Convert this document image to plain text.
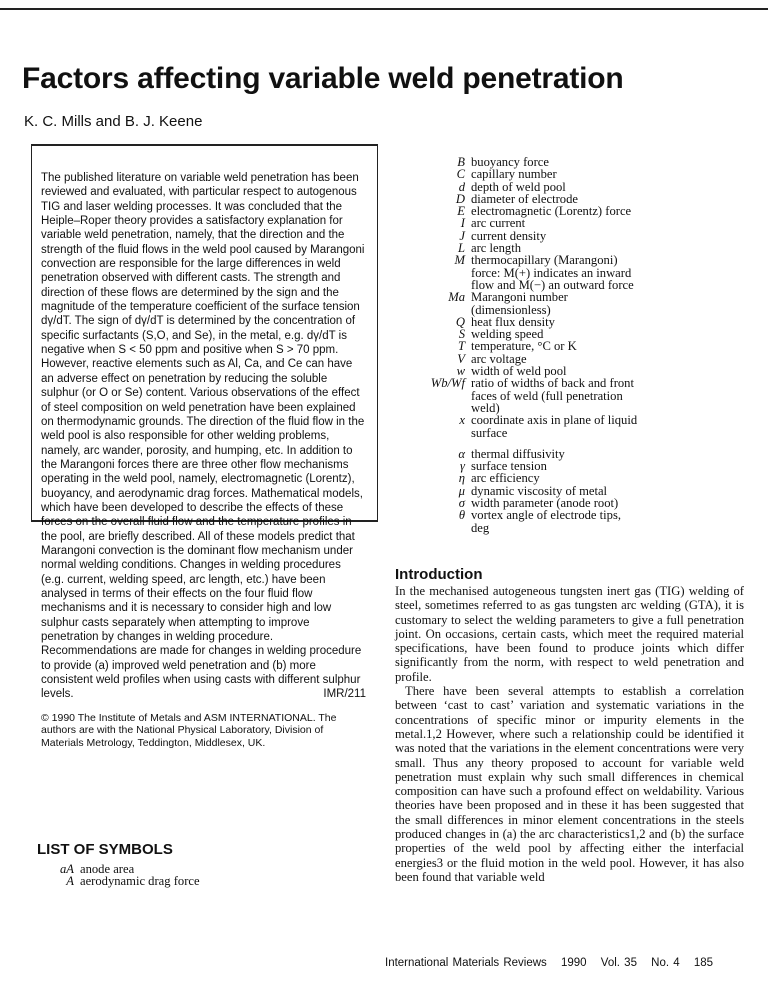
Factors affecting variable weld penetration
K. C. Mills and B. J. Keene

The published literature on variable weld penetration has been reviewed and evaluated, with particular respect to autogenous TIG and laser welding processes. It was concluded that the Heiple–Roper theory provides a satisfactory explanation for variable weld penetration, namely, that the direction and the strength of the fluid flows in the weld pool caused by Marangoni convection are responsible for the large differences in weld penetration observed with different casts. The strength and direction of these flows are determined by the sign and the magnitude of the temperature coefficient of the surface tension dγ/dT. The sign of dγ/dT is determined by the concentration of specific surfactants (S,O, and Se), in the metal, e.g. dγ/dT is negative when S < 50 ppm and positive when S > 70 ppm. However, reactive elements such as Al, Ca, and Ce can have an adverse effect on penetration by reducing the soluble sulphur (or O or Se) content. Various observations of the effect of steel composition on weld penetration have been explained on thermodynamic grounds. The direction of the fluid flow in the weld pool is also responsible for other welding problems, namely, arc wander, porosity, and humping, etc. In addition to the Marangoni forces there are three other flow mechanisms operating in the weld pool, namely, electromagnetic (Lorentz), buoyancy, and aerodynamic drag forces. Mathematical models, which have been developed to describe the effects of these forces on the overall fluid flow and the temperature profiles in the pool, are briefly described. All of these models predict that Marangoni convection is the dominant flow mechanism under normal welding conditions. Changes in welding procedures (e.g. current, welding speed, arc length, etc.) have been analysed in terms of their effects on the four fluid flow mechanisms and it is necessary to consider high and low sulphur casts separately when attempting to improve penetration by changes in welding procedure. Recommendations are made for changes in welding procedure to provide (a) improved weld penetration and (b) more consistent weld profiles when using casts with different sulphur levels.	IMR/211

© 1990 The Institute of Metals and ASM INTERNATIONAL. The authors are with the National Physical Laboratory, Division of Materials Metrology, Teddington, Middlesex, UK.

LIST OF SYMBOLS
aA anode area
A aerodynamic drag force
B buoyancy force
C capillary number
d depth of weld pool
D diameter of electrode
E electromagnetic (Lorentz) force
I arc current
J current density
L arc length
M thermocapillary (Marangoni) force: M(+) indicates an inward flow and M(−) an outward force
Ma Marangoni number (dimensionless)
Q heat flux density
S welding speed
T temperature, °C or K
V arc voltage
w width of weld pool
Wb/Wf ratio of widths of back and front faces of weld (full penetration weld)
x coordinate axis in plane of liquid surface
α thermal diffusivity
γ surface tension
η arc efficiency
μ dynamic viscosity of metal
σ width parameter (anode root)
θ vortex angle of electrode tips, deg
Introduction

In the mechanised autogeneous tungsten inert gas (TIG) welding of steel, sometimes referred to as gas tungsten arc welding (GTA), it is customary to select the welding parameters to give a full penetration joint. On occasions, certain casts, which meet the required material specifications, have been found to produce joints which differ significantly from the norm, with respect to weld penetration and profile.

There have been several attempts to establish a correlation between ‘cast to cast’ variation and systematic variations in the concentrations of specific minor or impurity elements in the metal.1,2 However, where such a relationship could be identified it was noted that the variations in the element concentrations were very small. Thus any theory proposed to account for variable weld penetration must explain why such small differences in chemical composition can have such a profound effect on weldability. Various theories have been proposed and in these it has been suggested that the small differences in minor element concentrations in the steels produced changes in (a) the arc characteristics1,2 and (b) the surface properties of the weld pool by affecting either the interfacial energies3 or the fluid motion in the weld pool. However, it has also been found that variable weld

International Materials Reviews 1990 Vol. 35 No. 4 185
